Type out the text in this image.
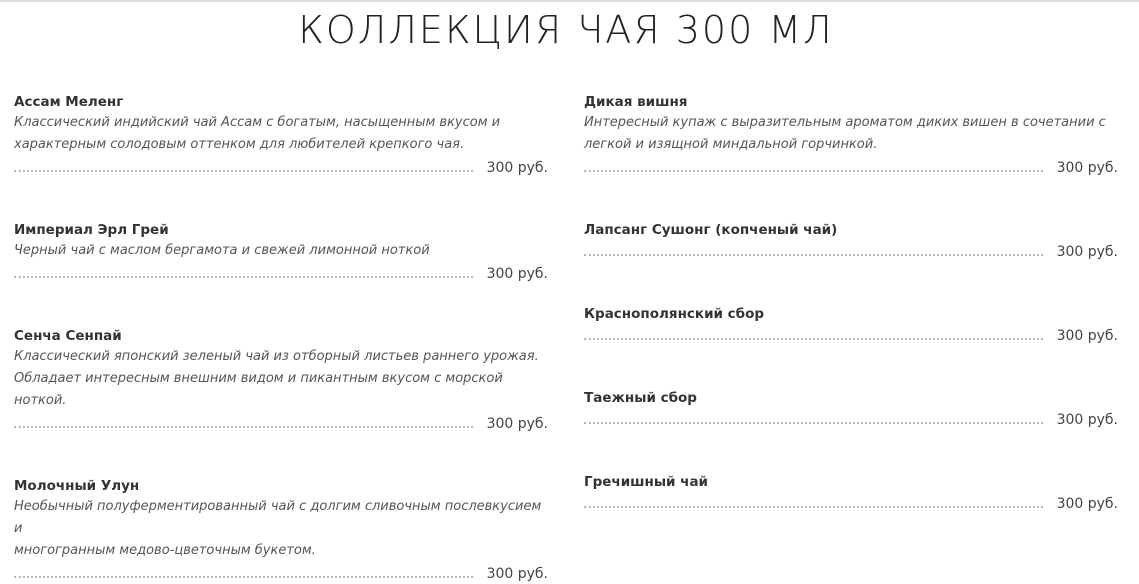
КОЛЛЕКЦИЯ ЧАЯ 300 МЛ
Ассам Меленг
Классический индийский чай Ассам с богатым, насыщенным вкусом и
характерным солодовым оттенком для любителей крепкого чая.
300 руб.
Империал Эрл Грей
Черный чай с маслом бергамота и свежей лимонной ноткой
300 руб.
Сенча Сенпай
Классический японский зеленый чай из отборный листьев раннего урожая.
Обладает интересным внешним видом и пикантным вкусом с морской
ноткой.
300 руб.
Молочный Улун
Необычный полуферментированный чай с долгим сливочным послевкусием и
многогранным медово-цветочным букетом.
300 руб.
Дикая вишня
Интересный купаж с выразительным ароматом диких вишен в сочетании с
легкой и изящной миндальной горчинкой.
300 руб.
Лапсанг Сушонг (копченый чай)
300 руб.
Краснополянский сбор
300 руб.
Таежный сбор
300 руб.
Гречишный чай
300 руб.
